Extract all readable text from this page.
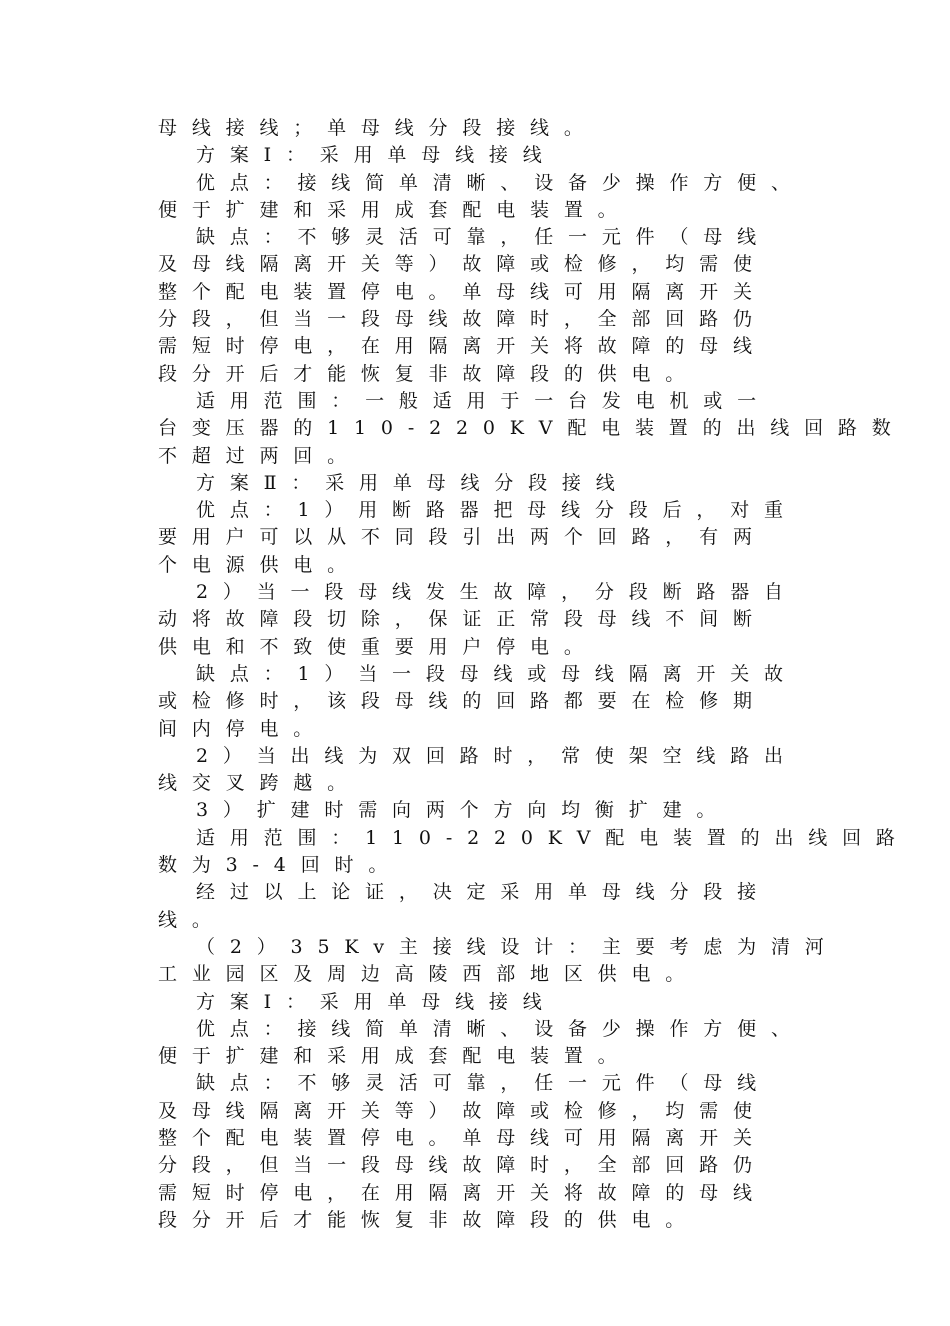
母线接线；单母线分段接线。
方案Ⅰ：采用单母线接线
优点：接线简单清晰、设备少操作方便、
便于扩建和采用成套配电装置。
缺点：不够灵活可靠，任一元件（母线
及母线隔离开关等）故障或检修，均需使
整个配电装置停电。单母线可用隔离开关
分段，但当一段母线故障时，全部回路仍
需短时停电，在用隔离开关将故障的母线
段分开后才能恢复非故障段的供电。
适用范围：一般适用于一台发电机或一
台变压器的110-220KV配电装置的出线回路数
不超过两回。
方案Ⅱ：采用单母线分段接线
优点：1）用断路器把母线分段后，对重
要用户可以从不同段引出两个回路，有两
个电源供电。
2）当一段母线发生故障，分段断路器自
动将故障段切除，保证正常段母线不间断
供电和不致使重要用户停电。
缺点：1）当一段母线或母线隔离开关故
或检修时，该段母线的回路都要在检修期
间内停电。
2）当出线为双回路时，常使架空线路出
线交叉跨越。
3）扩建时需向两个方向均衡扩建。
适用范围：110-220KV配电装置的出线回路
数为3-4回时。
经过以上论证，决定采用单母线分段接
线。
（2）35Kv主接线设计：主要考虑为清河
工业园区及周边高陵西部地区供电。
方案Ⅰ：采用单母线接线
优点：接线简单清晰、设备少操作方便、
便于扩建和采用成套配电装置。
缺点：不够灵活可靠，任一元件（母线
及母线隔离开关等）故障或检修，均需使
整个配电装置停电。单母线可用隔离开关
分段，但当一段母线故障时，全部回路仍
需短时停电，在用隔离开关将故障的母线
段分开后才能恢复非故障段的供电。
